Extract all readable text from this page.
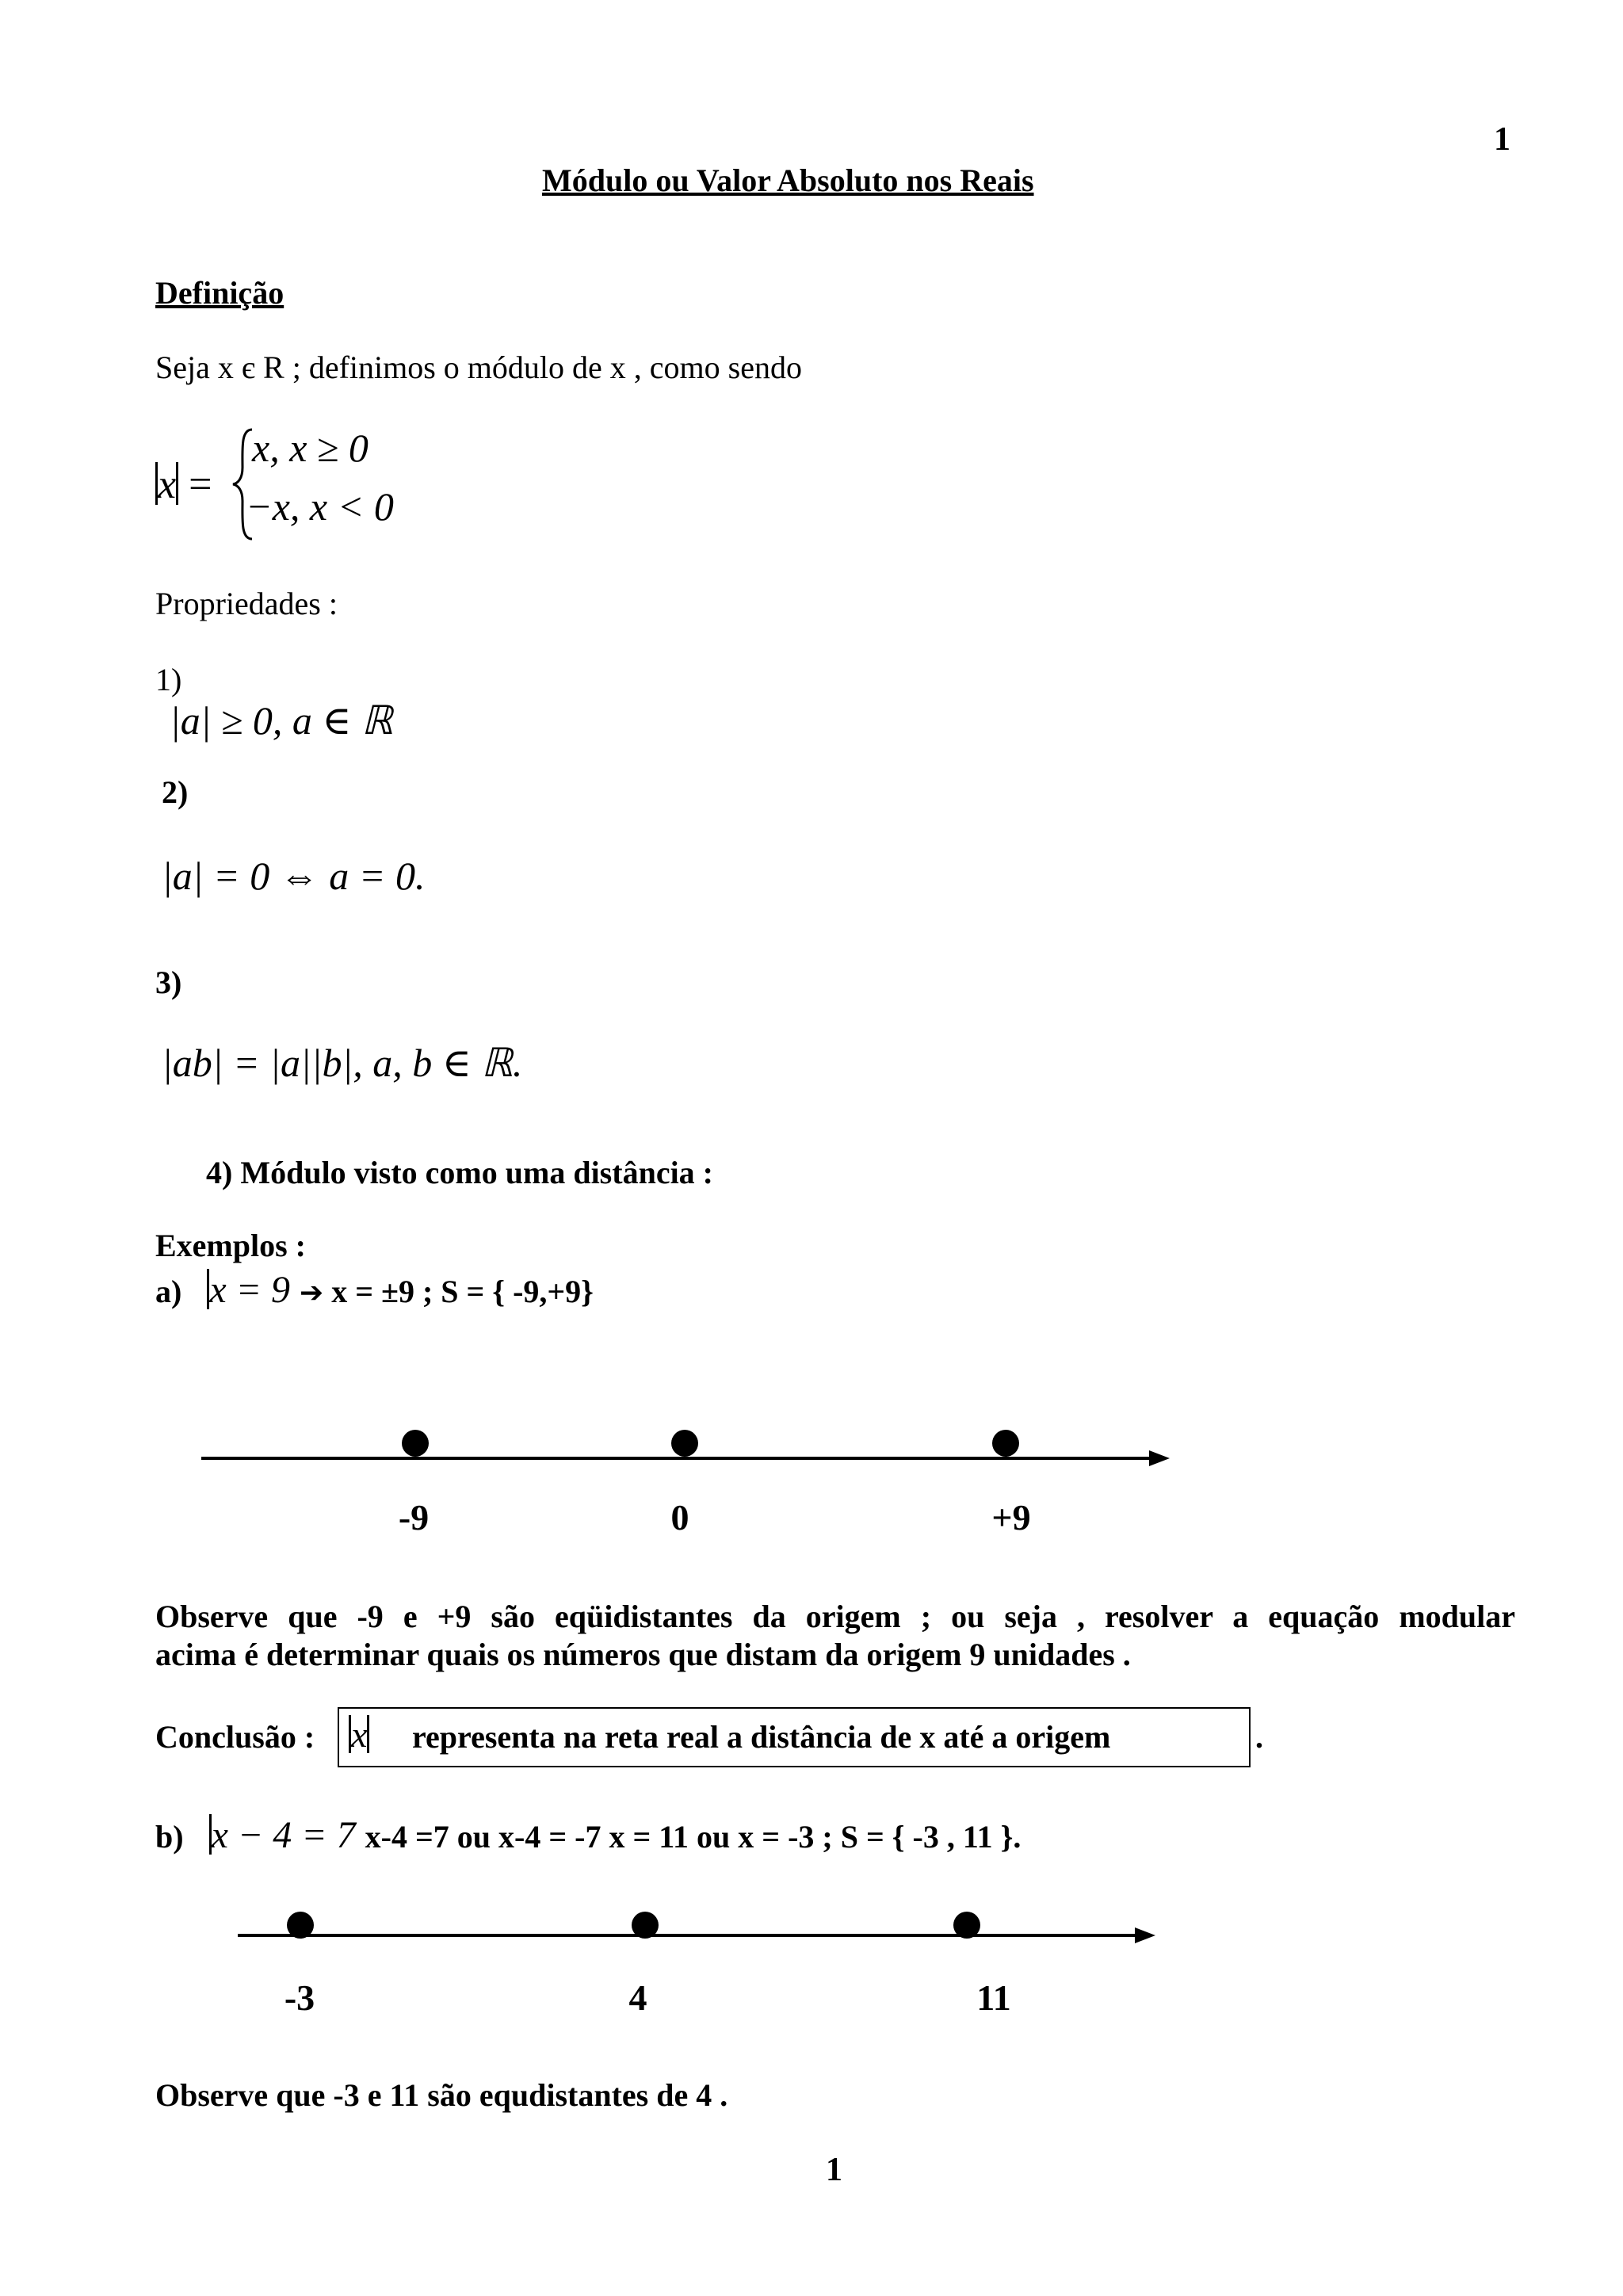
1
Módulo ou Valor Absoluto nos Reais
Definição
Seja x є R ; definimos o módulo de x , como sendo
x =
x, x ≥ 0
−x, x < 0
Propriedades :
1)
|a| ≥ 0, a ∈ ℝ
2)
|a| = 0 ⇔ a = 0.
3)
|ab| = |a||b|, a, b ∈ ℝ.
4) Módulo visto como uma distância :
Exemplos :
a) x = 9 ➔ x = ±9 ; S = { -9,+9}
-9	0	+9
Observe que -9 e +9 são eqüidistantes da origem ; ou seja , resolver a equação modular
acima é determinar quais os números que distam da origem 9 unidades .
Conclusão : x representa na reta real a distância de x até a origem	.
b) x − 4 = 7 x-4 =7 ou x-4 = -7 x = 11 ou x = -3 ; S = { -3 , 11 }.
-3	4	11
Observe que -3 e 11 são equdistantes de 4 .
1
